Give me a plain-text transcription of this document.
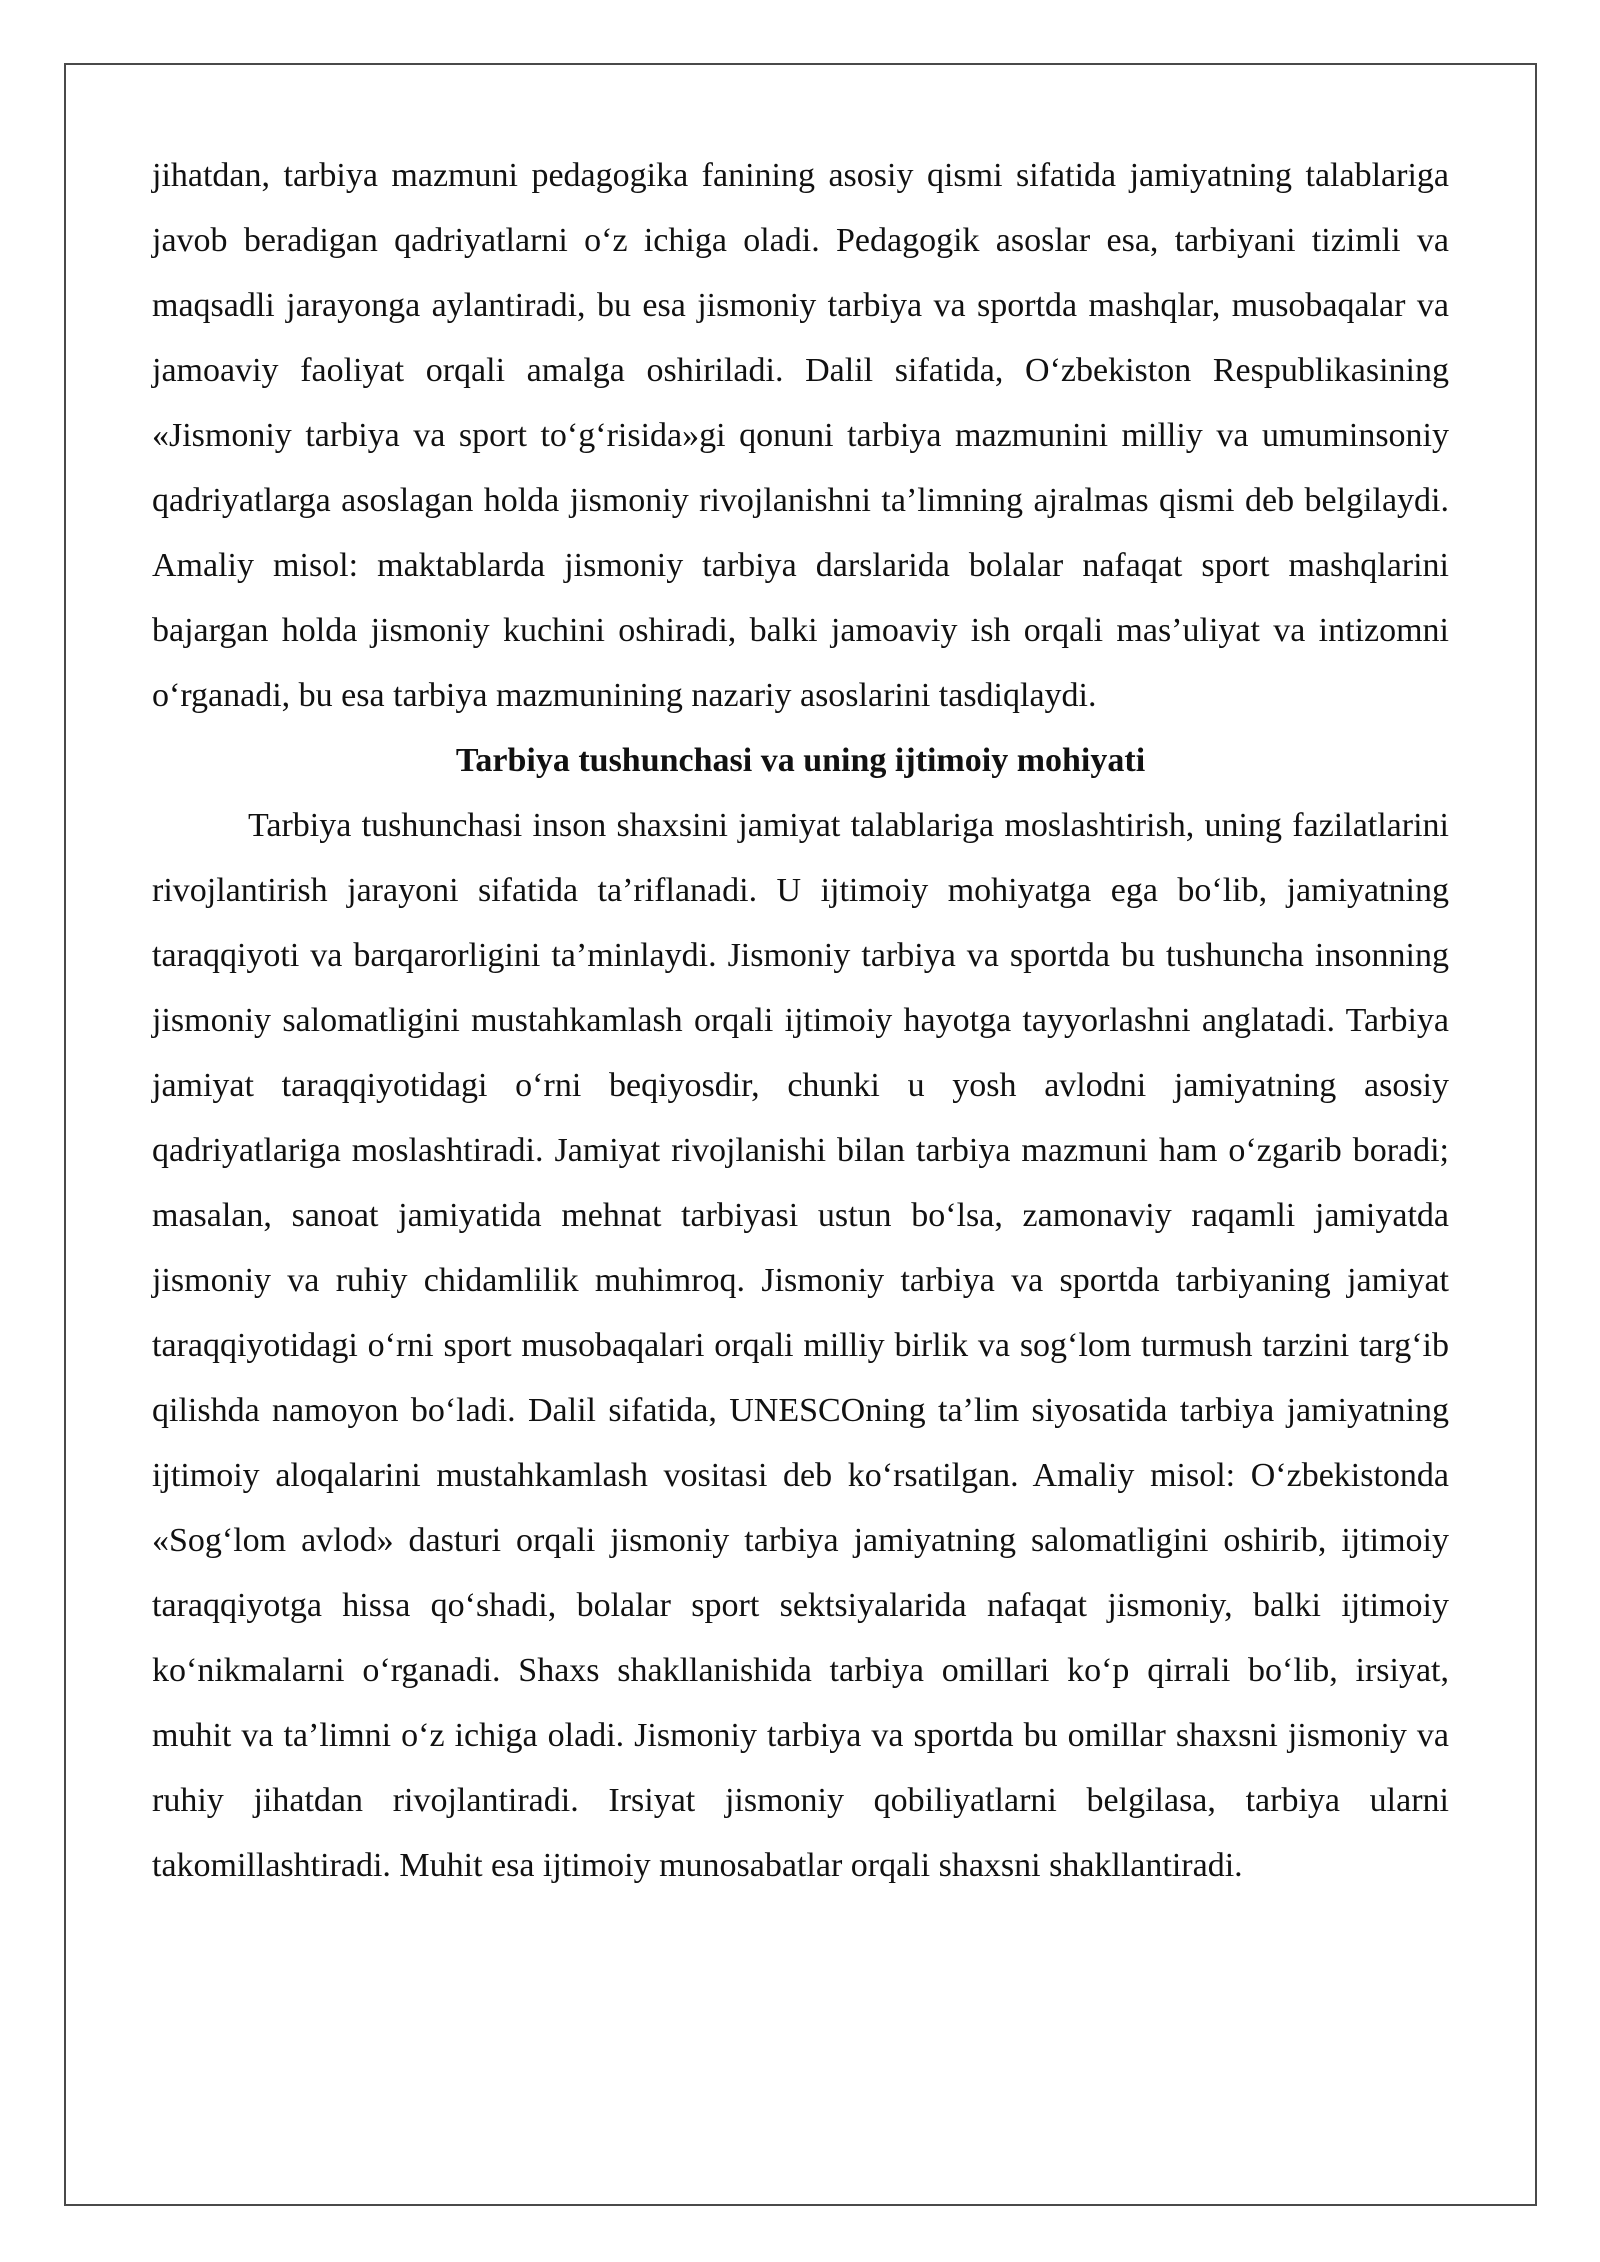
jihatdan, tarbiya mazmuni pedagogika fanining asosiy qismi sifatida jamiyatning talablariga javob beradigan qadriyatlarni o‘z ichiga oladi. Pedagogik asoslar esa, tarbiyani tizimli va maqsadli jarayonga aylantiradi, bu esa jismoniy tarbiya va sportda mashqlar, musobaqalar va jamoaviy faoliyat orqali amalga oshiriladi. Dalil sifatida, O‘zbekiston Respublikasining «Jismoniy tarbiya va sport to‘g‘risida»gi qonuni tarbiya mazmunini milliy va umuminsoniy qadriyatlarga asoslagan holda jismoniy rivojlanishni ta’limning ajralmas qismi deb belgilaydi. Amaliy misol: maktablarda jismoniy tarbiya darslarida bolalar nafaqat sport mashqlarini bajargan holda jismoniy kuchini oshiradi, balki jamoaviy ish orqali mas’uliyat va intizomni o‘rganadi, bu esa tarbiya mazmunining nazariy asoslarini tasdiqlaydi.

Tarbiya tushunchasi va uning ijtimoiy mohiyati

Tarbiya tushunchasi inson shaxsini jamiyat talablariga moslashtirish, uning fazilatlarini rivojlantirish jarayoni sifatida ta’riflanadi. U ijtimoiy mohiyatga ega bo‘lib, jamiyatning taraqqiyoti va barqarorligini ta’minlaydi. Jismoniy tarbiya va sportda bu tushuncha insonning jismoniy salomatligini mustahkamlash orqali ijtimoiy hayotga tayyorlashni anglatadi. Tarbiya jamiyat taraqqiyotidagi o‘rni beqiyosdir, chunki u yosh avlodni jamiyatning asosiy qadriyatlariga moslashtiradi. Jamiyat rivojlanishi bilan tarbiya mazmuni ham o‘zgarib boradi; masalan, sanoat jamiyatida mehnat tarbiyasi ustun bo‘lsa, zamonaviy raqamli jamiyatda jismoniy va ruhiy chidamlilik muhimroq. Jismoniy tarbiya va sportda tarbiyaning jamiyat taraqqiyotidagi o‘rni sport musobaqalari orqali milliy birlik va sog‘lom turmush tarzini targ‘ib qilishda namoyon bo‘ladi. Dalil sifatida, UNESCOning ta’lim siyosatida tarbiya jamiyatning ijtimoiy aloqalarini mustahkamlash vositasi deb ko‘rsatilgan. Amaliy misol: O‘zbekistonda «Sog‘lom avlod» dasturi orqali jismoniy tarbiya jamiyatning salomatligini oshirib, ijtimoiy taraqqiyotga hissa qo‘shadi, bolalar sport sektsiyalarida nafaqat jismoniy, balki ijtimoiy ko‘nikmalarni o‘rganadi. Shaxs shakllanishida tarbiya omillari ko‘p qirrali bo‘lib, irsiyat, muhit va ta’limni o‘z ichiga oladi. Jismoniy tarbiya va sportda bu omillar shaxsni jismoniy va ruhiy jihatdan rivojlantiradi. Irsiyat jismoniy qobiliyatlarni belgilasa, tarbiya ularni takomillashtiradi. Muhit esa ijtimoiy munosabatlar orqali shaxsni shakllantiradi.
